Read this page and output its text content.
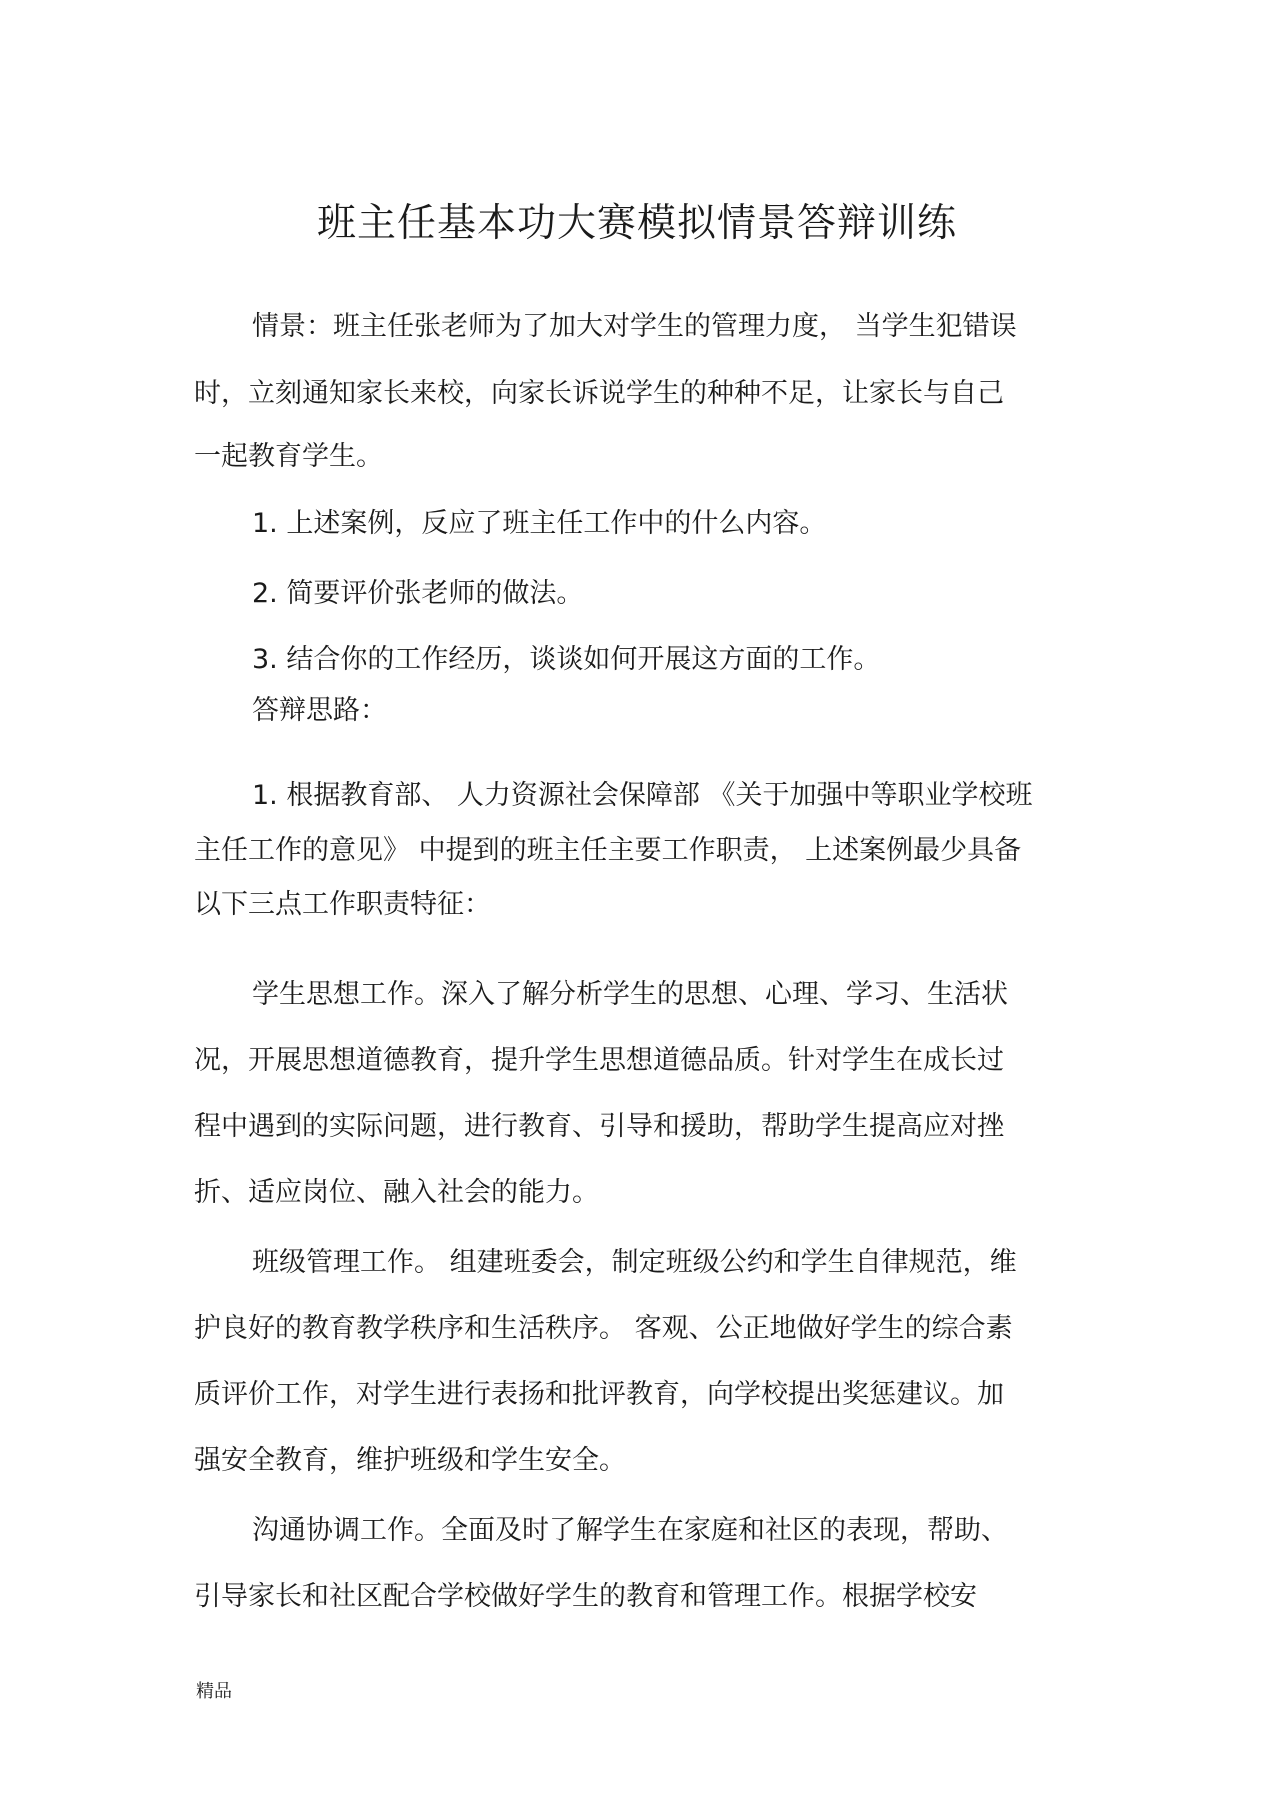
班主任基本功大赛模拟情景答辩训练
情景：班主任张老师为了加大对学生的管理力度， 当学生犯错误
时，立刻通知家长来校，向家长诉说学生的种种不足，让家长与自己
一起教育学生。
1. 上述案例，反应了班主任工作中的什么内容。
2. 简要评价张老师的做法。
3. 结合你的工作经历，谈谈如何开展这方面的工作。
答辩思路：
1. 根据教育部、 人力资源社会保障部 《关于加强中等职业学校班
主任工作的意见》 中提到的班主任主要工作职责， 上述案例最少具备
以下三点工作职责特征：
学生思想工作。深入了解分析学生的思想、心理、学习、生活状
况，开展思想道德教育，提升学生思想道德品质。针对学生在成长过
程中遇到的实际问题，进行教育、引导和援助，帮助学生提高应对挫
折、适应岗位、融入社会的能力。
班级管理工作。 组建班委会，制定班级公约和学生自律规范，维
护良好的教育教学秩序和生活秩序。 客观、公正地做好学生的综合素
质评价工作，对学生进行表扬和批评教育，向学校提出奖惩建议。加
强安全教育，维护班级和学生安全。
沟通协调工作。全面及时了解学生在家庭和社区的表现，帮助、
引导家长和社区配合学校做好学生的教育和管理工作。根据学校安
精品
